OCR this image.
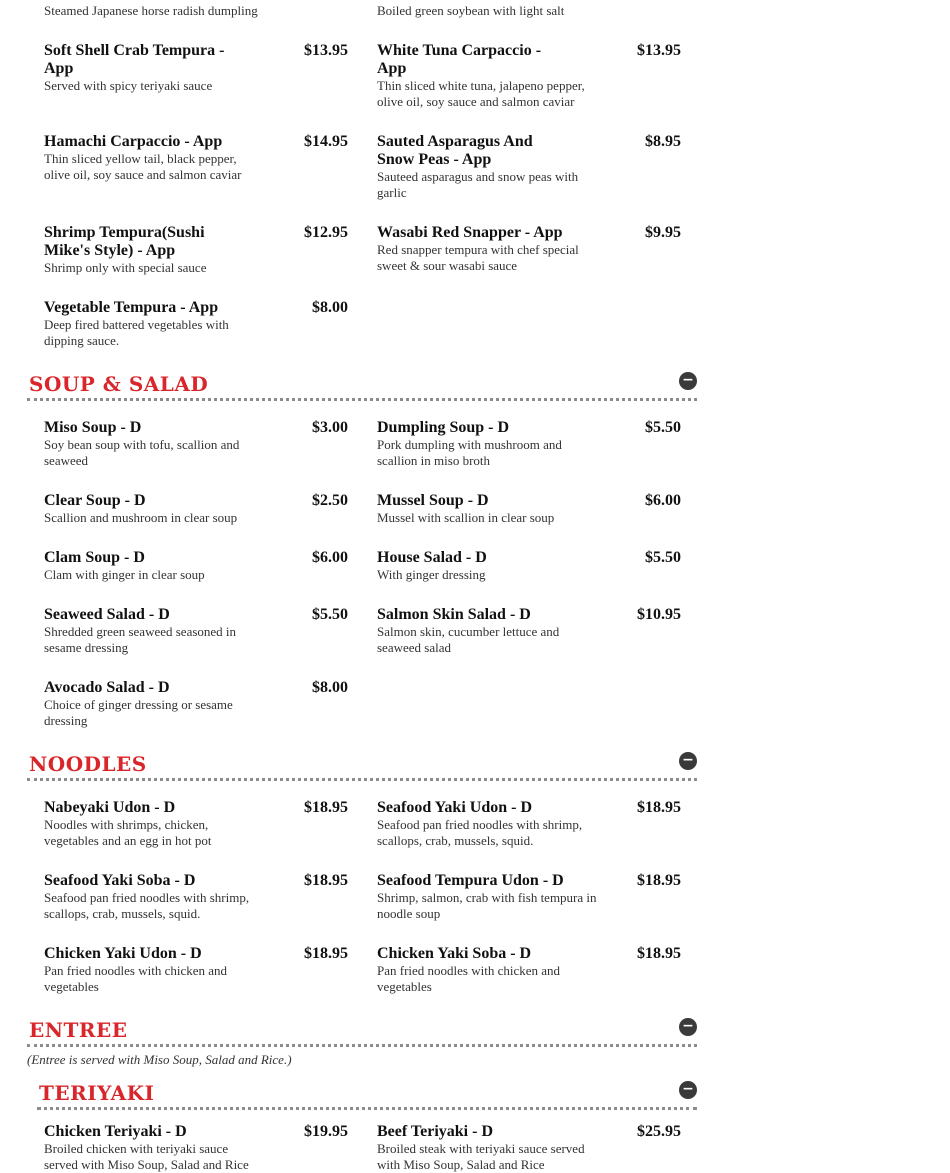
Steamed Japanese horse radish dumpling	Boiled green soybean with light salt
Soft Shell Crab Tempura - App
$13.95
Served with spicy teriyaki sauce
White Tuna Carpaccio - App
$13.95
Thin sliced white tuna, jalapeno pepper, olive oil, soy sauce and salmon caviar
Hamachi Carpaccio - App	$14.95
Thin sliced yellow tail, black pepper, olive oil, soy sauce and salmon caviar
Sauted Asparagus And Snow Peas - App
$8.95
Sauteed asparagus and snow peas with garlic
Shrimp Tempura(Sushi Mike's Style) - App
$12.95
Shrimp only with special sauce
Wasabi Red Snapper - App	$9.95
Red snapper tempura with chef special sweet & sour wasabi sauce
Vegetable Tempura - App	$8.00
Deep fired battered vegetables with dipping sauce.
SOUP & SALAD	−
Miso Soup - D	$3.00
Soy bean soup with tofu, scallion and seaweed
Dumpling Soup - D	$5.50
Pork dumpling with mushroom and scallion in miso broth
Clear Soup - D	$2.50
Scallion and mushroom in clear soup
Mussel Soup - D	$6.00
Mussel with scallion in clear soup
Clam Soup - D	$6.00
Clam with ginger in clear soup
House Salad - D	$5.50
With ginger dressing
Seaweed Salad - D	$5.50
Shredded green seaweed seasoned in sesame dressing
Salmon Skin Salad - D	$10.95
Salmon skin, cucumber lettuce and seaweed salad
Avocado Salad - D	$8.00
Choice of ginger dressing or sesame dressing
NOODLES	−
Nabeyaki Udon - D	$18.95
Noodles with shrimps, chicken, vegetables and an egg in hot pot
Seafood Yaki Udon - D	$18.95
Seafood pan fried noodles with shrimp, scallops, crab, mussels, squid.
Seafood Yaki Soba - D	$18.95
Seafood pan fried noodles with shrimp, scallops, crab, mussels, squid.
Seafood Tempura Udon - D	$18.95
Shrimp, salmon, crab with fish tempura in noodle soup
Chicken Yaki Udon - D	$18.95
Pan fried noodles with chicken and vegetables
Chicken Yaki Soba - D	$18.95
Pan fried noodles with chicken and vegetables
ENTREE	−
(Entree is served with Miso Soup, Salad and Rice.)
TERIYAKI	−
Chicken Teriyaki - D	$19.95
Broiled chicken with teriyaki sauce served with Miso Soup, Salad and Rice
Beef Teriyaki - D	$25.95
Broiled steak with teriyaki sauce served with Miso Soup, Salad and Rice
